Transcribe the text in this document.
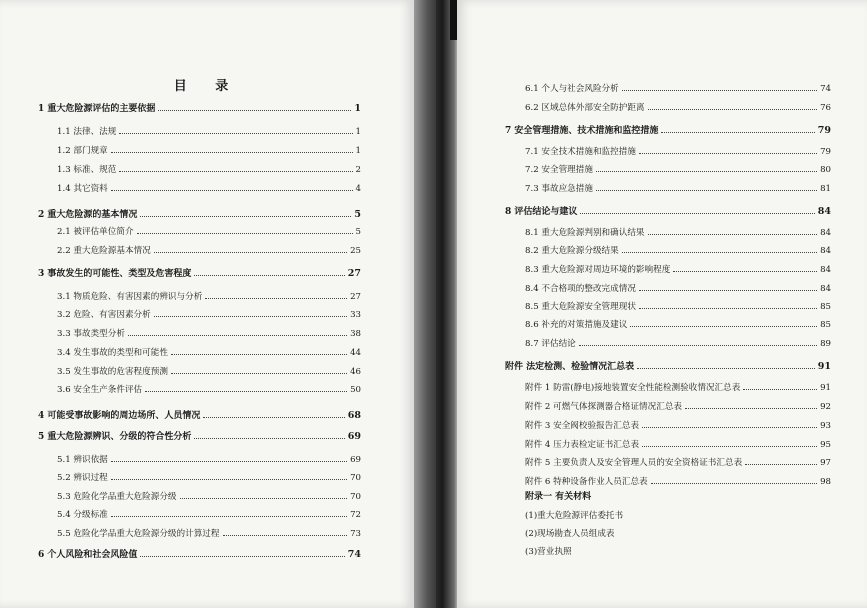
目 录
1 重大危险源评估的主要依据	1
1.1 法律、法规	1
1.2 部门规章	1
1.3 标准、规范	2
1.4 其它资料	4
2 重大危险源的基本情况	5
2.1 被评估单位简介	5
2.2 重大危险源基本情况	25
3 事故发生的可能性、类型及危害程度	27
3.1 物质危险、有害因素的辨识与分析	27
3.2 危险、有害因素分析	33
3.3 事故类型分析	38
3.4 发生事故的类型和可能性	44
3.5 发生事故的危害程度预测	46
3.6 安全生产条件评估	50
4 可能受事故影响的周边场所、人员情况	68
5 重大危险源辨识、分级的符合性分析	69
5.1 辨识依据	69
5.2 辨识过程	70
5.3 危险化学品重大危险源分级	70
5.4 分级标准	72
5.5 危险化学品重大危险源分级的计算过程	73
6 个人风险和社会风险值	74
6.1 个人与社会风险分析	74
6.2 区域总体外部安全防护距离	76
7 安全管理措施、技术措施和监控措施	79
7.1 安全技术措施和监控措施	79
7.2 安全管理措施	80
7.3 事故应急措施	81
8 评估结论与建议	84
8.1 重大危险源判别和确认结果	84
8.2 重大危险源分级结果	84
8.3 重大危险源对周边环境的影响程度	84
8.4 不合格项的整改完成情况	84
8.5 重大危险源安全管理现状	85
8.6 补充的对策措施及建议	85
8.7 评估结论	89
附件 法定检测、检验情况汇总表	91
附件 1 防雷(静电)接地装置安全性能检测验收情况汇总表	91
附件 2 可燃气体探测器合格证情况汇总表	92
附件 3 安全阀校验报告汇总表	93
附件 4 压力表检定证书汇总表	95
附件 5 主要负责人及安全管理人员的安全资格证书汇总表	97
附件 6 特种设备作业人员汇总表	98
附录一 有关材料
(1)重大危险源评估委托书
(2)现场勘查人员组成表
(3)营业执照
